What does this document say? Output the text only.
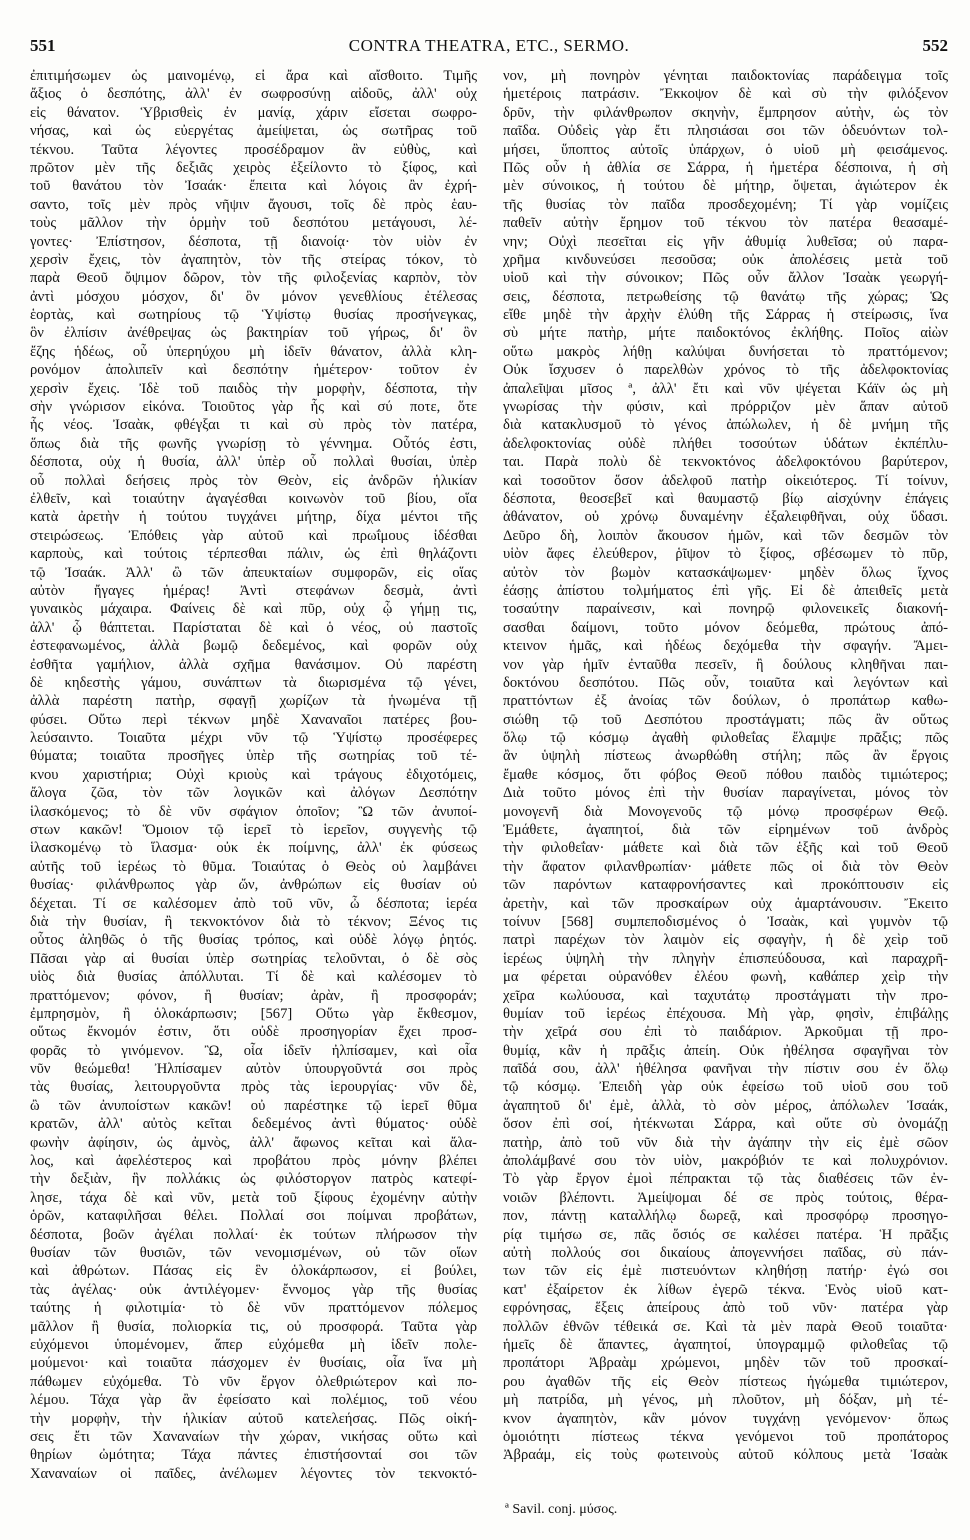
551	CONTRA THEATRA, ETC., SERMO.	552
ἐπιτιμήσωμεν ὡς μαινομένῳ, εἰ ἄρα καὶ αἴσθοιτο. Τιμῆς
ἄξιος ὁ δεσπότης, ἀλλ' ἐν σωφροσύνῃ αἰδοῦς, ἀλλ' οὐχ
εἰς θάνατον. Ὑβρισθεὶς ἐν μανίᾳ, χάριν εἴσεται σωφρο-
νήσας, καὶ ὡς εὐεργέτας ἀμείψεται, ὡς σωτῆρας τοῦ
τέκνου. Ταῦτα λέγοντες προσέδραμον ἂν εὐθὺς, καὶ
πρῶτον μὲν τῆς δεξιᾶς χειρὸς ἐξείλοντο τὸ ξίφος, καὶ
τοῦ θανάτου τὸν Ἰσαάκ· ἔπειτα καὶ λόγοις ἂν ἐχρή-
σαντο, τοῖς μὲν πρὸς νῆψιν ἄγουσι, τοῖς δὲ πρὸς ἑαυ-
τοὺς μᾶλλον τὴν ὁρμὴν τοῦ δεσπότου μετάγουσι, λέ-
γοντες· Ἐπίστησον, δέσποτα, τῇ διανοίᾳ· τὸν υἱὸν ἐν
χερσὶν ἔχεις, τὸν ἀγαπητὸν, τὸν τῆς στείρας τόκον, τὸ
παρὰ Θεοῦ ὄψιμον δῶρον, τὸν τῆς φιλοξενίας καρπὸν, τὸν
ἀντὶ μόσχου μόσχον, δι' ὃν μόνον γενεθλίους ἐτέλεσας
ἑορτὰς, καὶ σωτηρίους τῷ Ὑψίστῳ θυσίας προσήνεγκας,
ὃν ἐλπίσιν ἀνέθρεψας ὡς βακτηρίαν τοῦ γήρως, δι' ὃν
ἔζης ἡδέως, οὗ ὑπερηύχου μὴ ἰδεῖν θάνατον, ἀλλὰ κλη-
ρονόμον ἀπολιπεῖν καὶ δεσπότην ἡμέτερον· τοῦτον ἐν
χερσὶν ἔχεις. Ἰδὲ τοῦ παιδὸς τὴν μορφὴν, δέσποτα, τὴν
σὴν γνώρισον εἰκόνα. Τοιοῦτος γὰρ ἧς καὶ σύ ποτε, ὅτε
ἧς νέος. Ἰσαὰκ, φθέγξαι τι καὶ σὺ πρὸς τὸν πατέρα,
ὅπως διὰ τῆς φωνῆς γνωρίσῃ τὸ γέννημα. Οὗτός ἐστι,
δέσποτα, οὐχ ἡ θυσία, ἀλλ' ὑπὲρ οὗ πολλαὶ θυσίαι, ὑπὲρ
οὗ πολλαὶ δεήσεις πρὸς τὸν Θεὸν, εἰς ἀνδρῶν ἡλικίαν
ἐλθεῖν, καὶ τοιαύτην ἀγαγέσθαι κοινωνὸν τοῦ βίου, οἵα
κατὰ ἀρετὴν ἡ τούτου τυγχάνει μήτηρ, δίχα μέντοι τῆς
στειρώσεως. Ἐπόθεις γὰρ αὐτοῦ καὶ πρωΐμους ἰδέσθαι
καρποὺς, καὶ τούτοις τέρπεσθαι πάλιν, ὡς ἐπὶ θηλάζοντι
τῷ Ἰσαάκ. Ἀλλ' ὢ τῶν ἀπευκταίων συμφορῶν, εἰς οἵας
αὐτὸν ἤγαγες ἡμέρας! Ἀντὶ στεφάνων δεσμὰ, ἀντὶ
γυναικὸς μάχαιρα. Φαίνεις δὲ καὶ πῦρ, οὐχ ᾧ γήμῃ τις,
ἀλλ' ᾧ θάπτεται. Παρίσταται δὲ καὶ ὁ νέος, οὐ παστοῖς
ἐστεφανωμένος, ἀλλὰ βωμῷ δεδεμένος, καὶ φορῶν οὐχ
ἐσθῆτα γαμήλιον, ἀλλὰ σχῆμα θανάσιμον. Οὐ παρέστη
δὲ κηδεστὴς γάμου, συνάπτων τὰ διωρισμένα τῷ γένει,
ἀλλὰ παρέστη πατὴρ, σφαγῇ χωρίζων τὰ ἡνωμένα τῇ
φύσει. Οὕτω περὶ τέκνων μηδὲ Χαναναῖοι πατέρες βου-
λεύσαιντο. Τοιαῦτα μέχρι νῦν τῷ Ὑψίστῳ προσέφερες
θύματα; τοιαῦτα προσῆγες ὑπὲρ τῆς σωτηρίας τοῦ τέ-
κνου χαριστήρια; Οὐχὶ κριοὺς καὶ τράγους ἐδιχοτόμεις,
ἄλογα ζῶα, τὸν τῶν λογικῶν καὶ ἀλόγων Δεσπότην
ἱλασκόμενος; τὸ δὲ νῦν σφάγιον ὁποῖον; Ὢ τῶν ἀνυποί-
στων κακῶν! Ὅμοιον τῷ ἱερεῖ τὸ ἱερεῖον, συγγενὴς τῷ
ἱλασκομένῳ τὸ ἵλασμα· οὐκ ἐκ ποίμνης, ἀλλ' ἐκ φύσεως
αὐτῆς τοῦ ἱερέως τὸ θῦμα. Τοιαύτας ὁ Θεὸς οὐ λαμβάνει
θυσίας· φιλάνθρωπος γὰρ ὤν, ἀνθρώπων εἰς θυσίαν οὐ
δέχεται. Τί σε καλέσομεν ἀπὸ τοῦ νῦν, ὦ δέσποτα; ἱερέα
διὰ τὴν θυσίαν, ἢ τεκνοκτόνον διὰ τὸ τέκνον; Ξένος τις
οὗτος ἀληθῶς ὁ τῆς θυσίας τρόπος, καὶ οὐδὲ λόγῳ ῥητός.
Πᾶσαι γὰρ αἱ θυσίαι ὑπὲρ σωτηρίας τελοῦνται, ὁ δὲ σὸς
υἱὸς διὰ θυσίας ἀπόλλυται. Τί δὲ καὶ καλέσομεν τὸ
πραττόμενον; φόνον, ἢ θυσίαν; ἀρὰν, ἢ προσφοράν;
ἐμπρησμὸν, ἢ ὁλοκάρπωσιν; [567] Οὕτω γὰρ ἔκθεσμον,
οὕτως ἔκνομόν ἐστιν, ὅτι οὐδὲ προσηγορίαν ἔχει προσ-
φορᾶς τὸ γινόμενον. Ὢ, οἷα ἰδεῖν ἠλπίσαμεν, καὶ οἷα
νῦν θεώμεθα! Ἠλπίσαμεν αὐτὸν ὑπουργοῦντά σοι πρὸς
τὰς θυσίας, λειτουργοῦντα πρὸς τὰς ἱερουργίας· νῦν δὲ,
ὢ τῶν ἀνυποίστων κακῶν! οὐ παρέστηκε τῷ ἱερεῖ θῦμα
κρατῶν, ἀλλ' αὐτὸς κεῖται δεδεμένος ἀντὶ θύματος· οὐδὲ
φωνὴν ἀφίησιν, ὡς ἀμνὸς, ἀλλ' ἄφωνος κεῖται καὶ ἄλα-
λος, καὶ ἀφελέστερος καὶ προβάτου πρὸς μόνην βλέπει
τὴν δεξιὰν, ἣν πολλάκις ὡς φιλόστοργον πατρὸς κατεφί-
λησε, τάχα δὲ καὶ νῦν, μετὰ τοῦ ξίφους ἐχομένην αὐτὴν
ὁρῶν, καταφιλῆσαι θέλει. Πολλαί σοι ποίμναι προβάτων,
δέσποτα, βοῶν ἀγέλαι πολλαί· ἐκ τούτων πλήρωσον τὴν
θυσίαν τῶν θυσιῶν, τῶν νενομισμένων, οὐ τῶν οἵων
καὶ ἀθρώτων. Πάσας εἰς ἓν ὁλοκάρπωσον, εἰ βούλει,
τὰς ἀγέλας· οὐκ ἀντιλέγομεν· ἔννομος γὰρ τῆς θυσίας
ταύτης ἡ φιλοτιμία· τὸ δὲ νῦν πραττόμενον πόλεμος
μᾶλλον ἢ θυσία, πολιορκία τις, οὐ προσφορά. Ταῦτα γὰρ
εὐχόμενοι ὑπομένομεν, ἅπερ εὐχόμεθα μὴ ἰδεῖν πολε-
μούμενοι· καὶ τοιαῦτα πάσχομεν ἐν θυσίαις, οἷα ἵνα μὴ
πάθωμεν εὐχόμεθα. Τὸ νῦν ἔργον ὀλεθριώτερον καὶ πο-
λέμου. Τάχα γὰρ ἂν ἐφείσατο καὶ πολέμιος, τοῦ νέου
τὴν μορφὴν, τὴν ἡλικίαν αὐτοῦ κατελεήσας. Πῶς οἰκή-
σεις ἔτι τῶν Χαναναίων τὴν χώραν, νικήσας οὕτω καὶ
θηρίων ὠμότητα; Τάχα πάντες ἐπιστήσονταί σοι τῶν
Χαναναίων οἱ παῖδες, ἀνέλωμεν λέγοντες τὸν τεκνοκτό-
νον, μὴ πονηρὸν γένηται παιδοκτονίας παράδειγμα τοῖς
ἡμετέροις πατράσιν. Ἔκκοψον δὲ καὶ σὺ τὴν φιλόξενον
δρῦν, τὴν φιλάνθρωπον σκηνὴν, ἔμπρησον αὐτὴν, ὡς τὸν
παῖδα. Οὐδεὶς γὰρ ἔτι πλησιάσαι σοι τῶν ὁδευόντων τολ-
μήσει, ὕποπτος αὐτοῖς ὑπάρχων, ὁ υἱοῦ μὴ φεισάμενος.
Πῶς οὖν ἡ ἀθλία σε Σάρρα, ἡ ἡμετέρα δέσποινα, ἡ σὴ
μὲν σύνοικος, ἡ τούτου δὲ μήτηρ, ὄψεται, ἁγιώτερον ἐκ
τῆς θυσίας τὸν παῖδα προσδεχομένη; Τί γὰρ νομίζεις
παθεῖν αὐτὴν ἔρημον τοῦ τέκνου τὸν πατέρα θεασαμέ-
νην; Οὐχὶ πεσεῖται εἰς γῆν ἀθυμίᾳ λυθεῖσα; οὐ παρα-
χρῆμα κινδυνεύσει πεσοῦσα; οὐκ ἀπολέσεις μετὰ τοῦ
υἱοῦ καὶ τὴν σύνοικον; Πῶς οὖν ἄλλον Ἰσαὰκ γεωργή-
σεις, δέσποτα, πετρωθείσης τῷ θανάτῳ τῆς χώρας; Ὡς
εἴθε μηδὲ τὴν ἀρχὴν ἐλύθη τῆς Σάρρας ἡ στείρωσις, ἵνα
σὺ μήτε πατὴρ, μήτε παιδοκτόνος ἐκλήθης. Ποῖος αἰὼν
οὕτω μακρὸς λήθῃ καλύψαι δυνήσεται τὸ πραττόμενον;
Οὐκ ἴσχυσεν ὁ παρελθὼν χρόνος τὸ τῆς ἀδελφοκτονίας
ἀπαλεῖψαι μῖσος ª, ἀλλ' ἔτι καὶ νῦν ψέγεται Κάϊν ὡς μὴ
γνωρίσας τὴν φύσιν, καὶ πρόρριζον μὲν ἅπαν αὐτοῦ
διὰ κατακλυσμοῦ τὸ γένος ἀπώλωλεν, ἡ δὲ μνήμη τῆς
ἀδελφοκτονίας οὐδὲ πλήθει τοσούτων ὑδάτων ἐκπέπλυ-
ται. Παρὰ πολὺ δὲ τεκνοκτόνος ἀδελφοκτόνου βαρύτερον,
καὶ τοσοῦτον ὅσον ἀδελφοῦ πατὴρ οἰκειότερος. Τί τοίνυν,
δέσποτα, θεοσεβεῖ καὶ θαυμαστῷ βίῳ αἰσχύνην ἐπάγεις
ἀθάνατον, οὐ χρόνῳ δυναμένην ἐξαλειφθῆναι, οὐχ ὕδασι.
Δεῦρο δὴ, λοιπὸν ἄκουσον ἡμῶν, καὶ τῶν δεσμῶν τὸν
υἱὸν ἄφες ἐλεύθερον, ῥῖψον τὸ ξίφος, σβέσωμεν τὸ πῦρ,
αὐτὸν τὸν βωμὸν κατασκάψωμεν· μηδὲν ὅλως ἴχνος
ἐάσῃς ἀπίστου τολμήματος ἐπὶ γῆς. Εἰ δὲ ἀπειθεῖς μετὰ
τοσαύτην παραίνεσιν, καὶ πονηρῷ φιλονεικεῖς διακονή-
σασθαι δαίμονι, τοῦτο μόνον δεόμεθα, πρώτους ἀπό-
κτεινον ἡμᾶς, καὶ ἡδέως δεχόμεθα τὴν σφαγήν. Ἄμει-
νον γὰρ ἡμῖν ἐνταῦθα πεσεῖν, ἢ δούλους κληθῆναι παι-
δοκτόνου δεσπότου. Πῶς οὖν, τοιαῦτα καὶ λεγόντων καὶ
πραττόντων ἐξ ἀνοίας τῶν δούλων, ὁ προπάτωρ καθω-
σιώθη τῷ τοῦ Δεσπότου προστάγματι; πῶς ἂν οὕτως
ὅλῳ τῷ κόσμῳ ἀγαθὴ φιλοθεΐας ἔλαμψε πρᾶξις; πῶς
ἂν ὑψηλὴ πίστεως ἀνωρθώθη στήλη; πῶς ἂν ἔργοις
ἔμαθε κόσμος, ὅτι φόβος Θεοῦ πόθου παιδὸς τιμιώτερος;
Διὰ τοῦτο μόνος ἐπὶ τὴν θυσίαν παραγίνεται, μόνος τὸν
μονογενῆ διὰ Μονογενοῦς τῷ μόνῳ προσφέρων Θεῷ.
Ἐμάθετε, ἀγαπητοί, διὰ τῶν εἰρημένων τοῦ ἀνδρὸς
τὴν φιλοθεΐαν· μάθετε καὶ διὰ τῶν ἑξῆς καὶ τοῦ Θεοῦ
τὴν ἄφατον φιλανθρωπίαν· μάθετε πῶς οἱ διὰ τὸν Θεὸν
τῶν παρόντων καταφρονήσαντες καὶ προκόπτουσιν εἰς
ἀρετὴν, καὶ τῶν προσκαίρων οὐχ ἁμαρτάνουσιν. Ἔκειτο
τοίνυν [568] συμπεποδισμένος ὁ Ἰσαὰκ, καὶ γυμνὸν τῷ
πατρὶ παρέχων τὸν λαιμὸν εἰς σφαγὴν, ἡ δὲ χεὶρ τοῦ
ἱερέως ὑψηλὴ τὴν πληγὴν ἐπισπεύδουσα, καὶ παραχρῆ-
μα φέρεται οὐρανόθεν ἐλέου φωνὴ, καθάπερ χεὶρ τὴν
χεῖρα κωλύουσα, καὶ ταχυτάτῳ προστάγματι τὴν προ-
θυμίαν τοῦ ἱερέως ἐπέχουσα. Μὴ γὰρ, φησὶν, ἐπιβάλῃς
τὴν χεῖρά σου ἐπὶ τὸ παιδάριον. Ἀρκοῦμαι τῇ προ-
θυμίᾳ, κἂν ἡ πρᾶξις ἀπείη. Οὐκ ἠθέλησα σφαγῆναι τὸν
παῖδά σου, ἀλλ' ἠθέλησα φανῆναι τὴν πίστιν σου ἐν ὅλῳ
τῷ κόσμῳ. Ἐπειδὴ γὰρ οὐκ ἐφείσω τοῦ υἱοῦ σου τοῦ
ἀγαπητοῦ δι' ἐμὲ, ἀλλὰ, τὸ σὸν μέρος, ἀπόλωλεν Ἰσαάκ,
ὅσον ἐπὶ σοί, ἠτέκνωται Σάρρα, καὶ οὔτε σὺ ὀνομάζῃ
πατὴρ, ἀπὸ τοῦ νῦν διὰ τὴν ἀγάπην τὴν εἰς ἐμὲ σῶον
ἀπολάμβανέ σου τὸν υἱὸν, μακρόβιόν τε καὶ πολυχρόνιον.
Τὸ γὰρ ἔργον ἐμοὶ πέπρακται τῷ τὰς διαθέσεις τῶν ἐν-
νοιῶν βλέποντι. Ἀμείψομαι δέ σε πρὸς τούτοις, θέρα-
πον, πάντῃ καταλλήλῳ δωρεᾷ, καὶ προσφόρῳ προσηγο-
ρίᾳ τιμήσω σε, πᾶς ὅσιός σε καλέσει πατέρα. Ἡ πρᾶξις
αὐτὴ πολλούς σοι δικαίους ἀπογεννήσει παῖδας, σὺ πάν-
των τῶν εἰς ἐμὲ πιστευόντων κληθήσῃ πατήρ· ἐγώ σοι
κατ' ἐξαίρετον ἐκ λίθων ἐγερῶ τέκνα. Ἑνὸς υἱοῦ κατ-
εφρόνησας, ἕξεις ἀπείρους ἀπὸ τοῦ νῦν· πατέρα γὰρ
πολλῶν ἐθνῶν τέθεικά σε. Καὶ τὰ μὲν παρὰ Θεοῦ τοιαῦτα·
ἡμεῖς δὲ ἅπαντες, ἀγαπητοί, ὑπογραμμῷ φιλοθεΐας τῷ
προπάτορι Ἀβραὰμ χρώμενοι, μηδὲν τῶν τοῦ προσκαί-
ρου ἀγαθῶν τῆς εἰς Θεὸν πίστεως ἡγώμεθα τιμιώτερον,
μὴ πατρίδα, μὴ γένος, μὴ πλοῦτον, μὴ δόξαν, μὴ τέ-
κνον ἀγαπητὸν, κἂν μόνον τυγχάνῃ γενόμενον· ὅπως
ὁμοιότητι πίστεως τέκνα γενόμενοι τοῦ προπάτορος
Ἀβραάμ, εἰς τοὺς φωτεινοὺς αὐτοῦ κόλπους μετὰ Ἰσαὰκ
ª Savil. conj. μύσος.
